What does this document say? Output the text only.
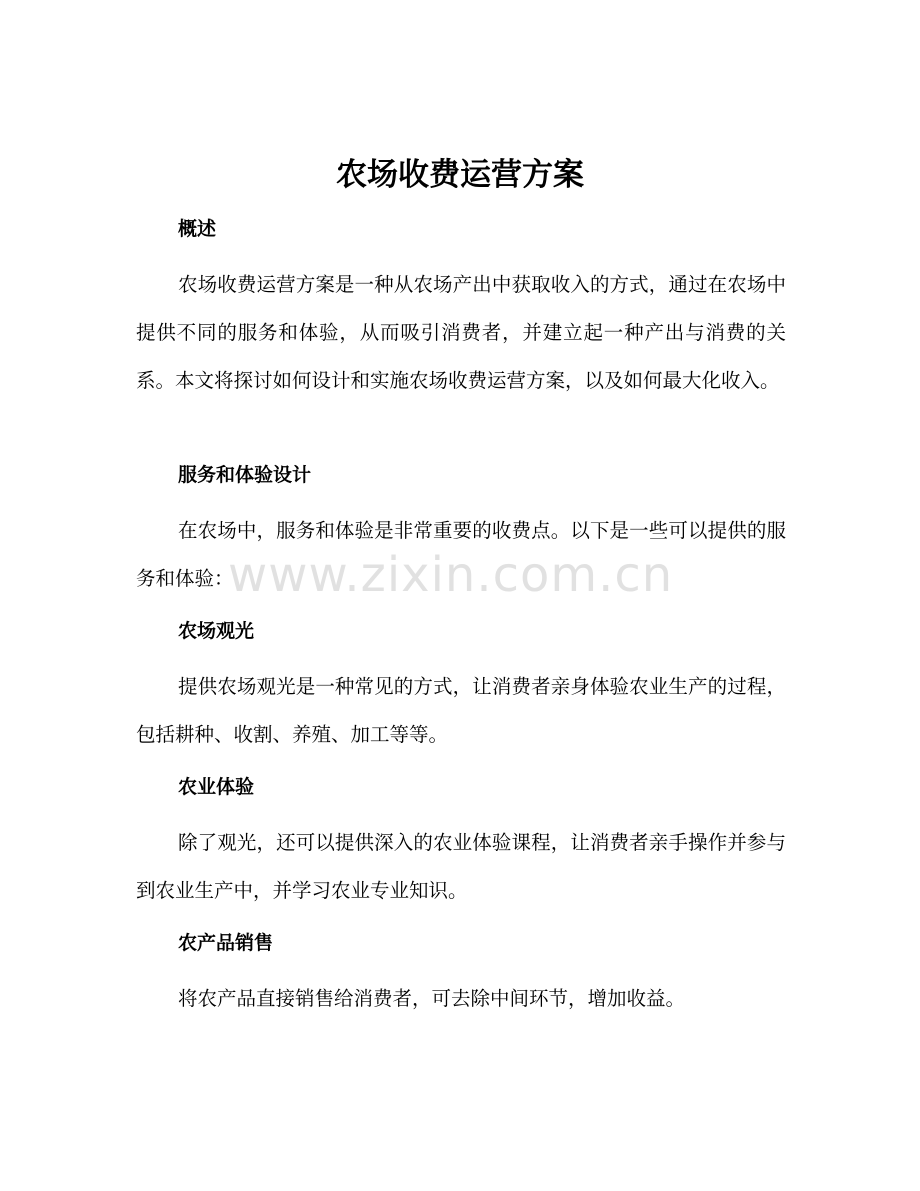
农场收费运营方案
概述
农场收费运营方案是一种从农场产出中获取收入的方式，通过在农场中提供不同的服务和体验，从而吸引消费者，并建立起一种产出与消费的关系。本文将探讨如何设计和实施农场收费运营方案，以及如何最大化收入。
服务和体验设计
在农场中，服务和体验是非常重要的收费点。以下是一些可以提供的服务和体验：
农场观光
提供农场观光是一种常见的方式，让消费者亲身体验农业生产的过程，包括耕种、收割、养殖、加工等等。
农业体验
除了观光，还可以提供深入的农业体验课程，让消费者亲手操作并参与到农业生产中，并学习农业专业知识。
农产品销售
将农产品直接销售给消费者，可去除中间环节，增加收益。
www.zixin.com.cn
